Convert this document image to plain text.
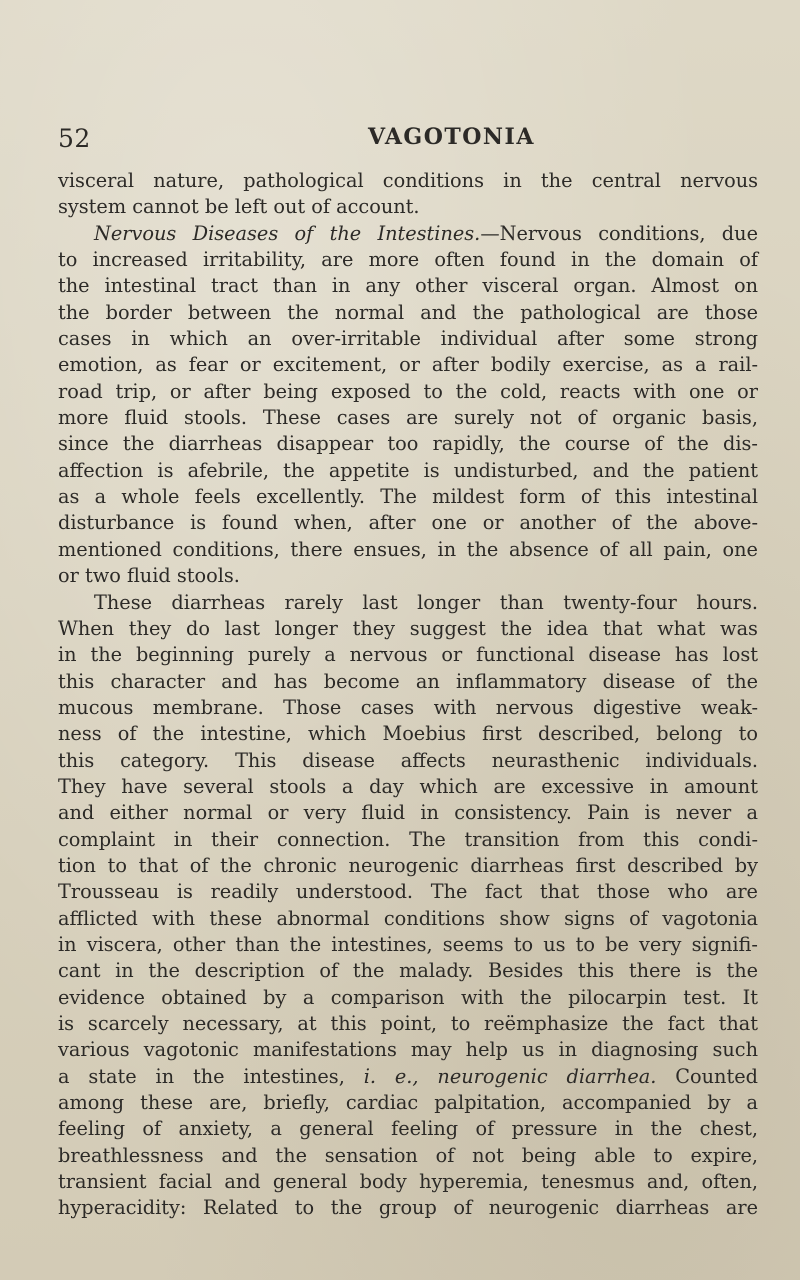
52	VAGOTONIA
visceral nature, pathological conditions in the central nervous
system cannot be left out of account.
Nervous Diseases of the Intestines.—Nervous conditions, due
to increased irritability, are more often found in the domain of
the intestinal tract than in any other visceral organ. Almost on
the border between the normal and the pathological are those
cases in which an over-irritable individual after some strong
emotion, as fear or excitement, or after bodily exercise, as a rail-
road trip, or after being exposed to the cold, reacts with one or
more fluid stools. These cases are surely not of organic basis,
since the diarrheas disappear too rapidly, the course of the dis-
affection is afebrile, the appetite is undisturbed, and the patient
as a whole feels excellently. The mildest form of this intestinal
disturbance is found when, after one or another of the above-
mentioned conditions, there ensues, in the absence of all pain, one
or two fluid stools.
These diarrheas rarely last longer than twenty-four hours.
When they do last longer they suggest the idea that what was
in the beginning purely a nervous or functional disease has lost
this character and has become an inflammatory disease of the
mucous membrane. Those cases with nervous digestive weak-
ness of the intestine, which Moebius first described, belong to
this category. This disease affects neurasthenic individuals.
They have several stools a day which are excessive in amount
and either normal or very fluid in consistency. Pain is never a
complaint in their connection. The transition from this condi-
tion to that of the chronic neurogenic diarrheas first described by
Trousseau is readily understood. The fact that those who are
afflicted with these abnormal conditions show signs of vagotonia
in viscera, other than the intestines, seems to us to be very signifi-
cant in the description of the malady. Besides this there is the
evidence obtained by a comparison with the pilocarpin test. It
is scarcely necessary, at this point, to reëmphasize the fact that
various vagotonic manifestations may help us in diagnosing such
a state in the intestines, i. e., neurogenic diarrhea. Counted
among these are, briefly, cardiac palpitation, accompanied by a
feeling of anxiety, a general feeling of pressure in the chest,
breathlessness and the sensation of not being able to expire,
transient facial and general body hyperemia, tenesmus and, often,
hyperacidity: Related to the group of neurogenic diarrheas are
